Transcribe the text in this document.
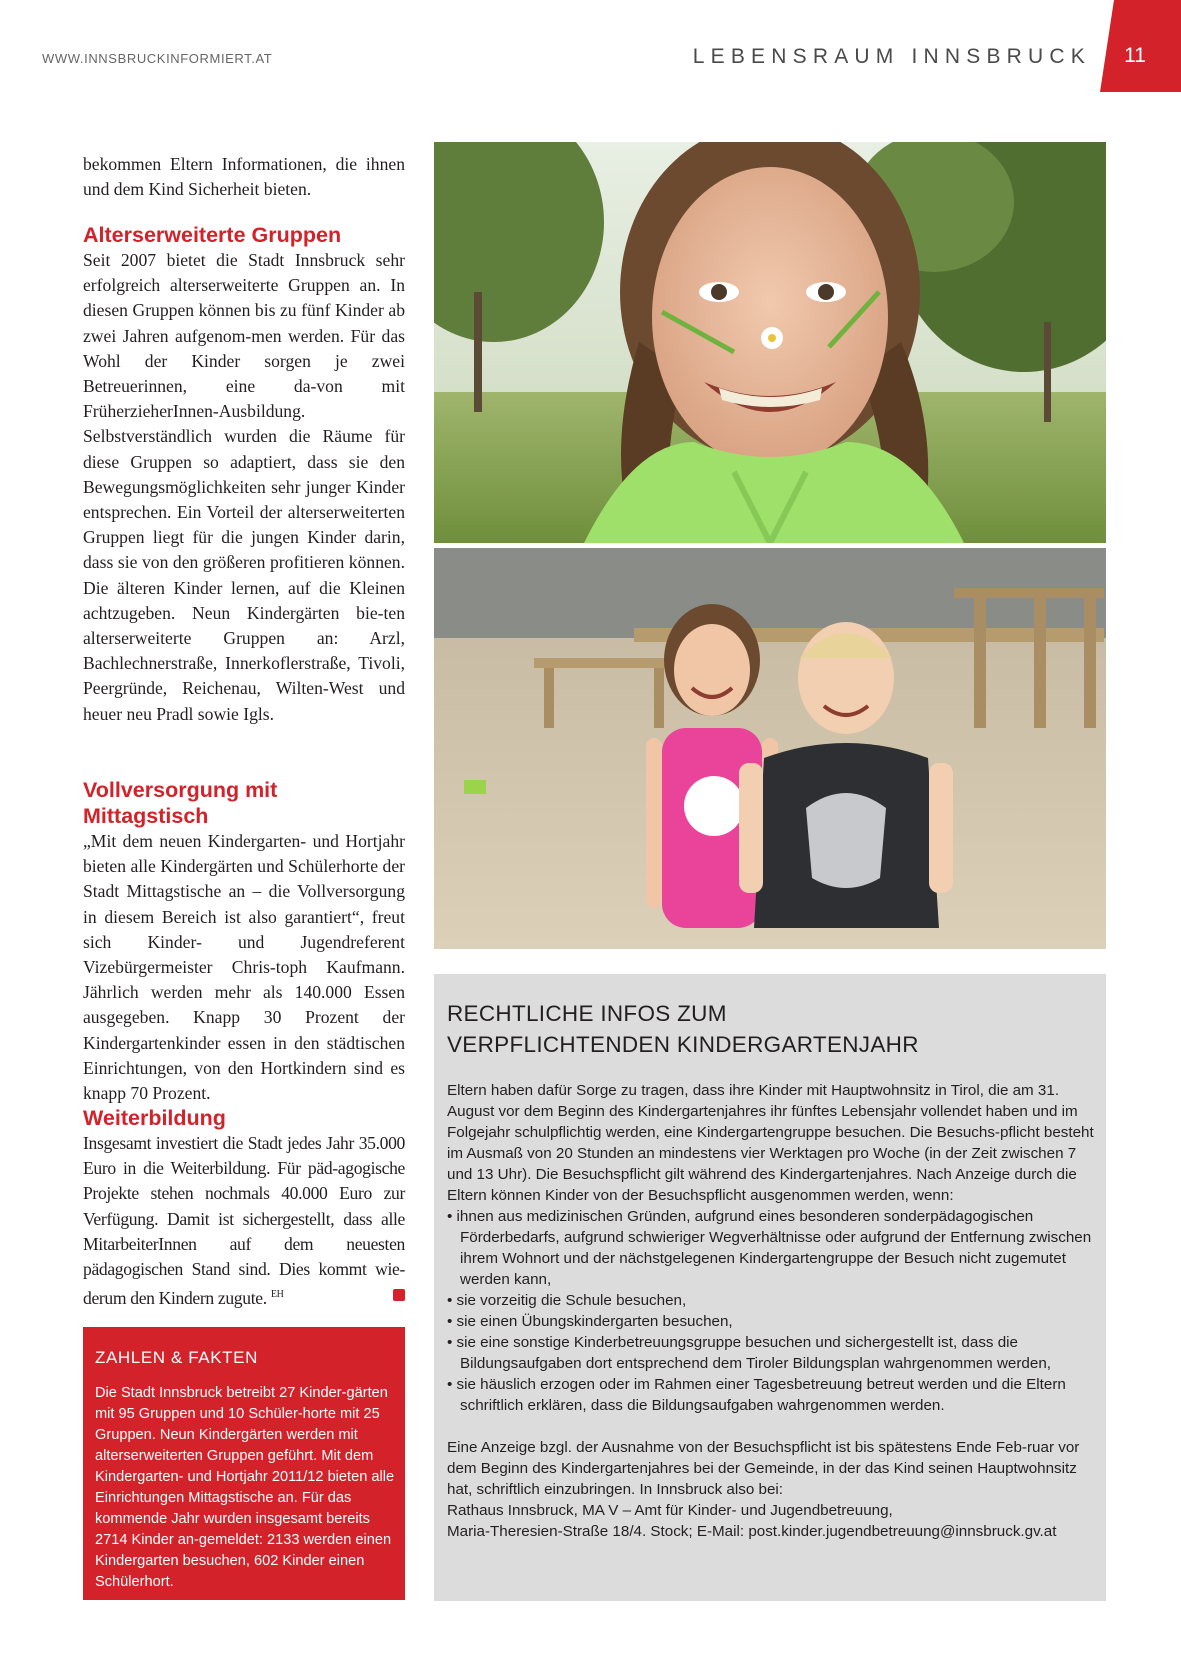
WWW.INNSBRUCKINFORMIERT.AT	LEBENSRAUM INNSBRUCK	11

bekommen Eltern Informationen, die ihnen und dem Kind Sicherheit bieten.

Alterserweiterte Gruppen

Seit 2007 bietet die Stadt Innsbruck sehr erfolgreich alterserweiterte Gruppen an. In diesen Gruppen können bis zu fünf Kinder ab zwei Jahren aufgenom-men werden. Für das Wohl der Kinder sorgen je zwei Betreuerinnen, eine da-von mit FrüherzieherInnen-Ausbildung. Selbstverständlich wurden die Räume für diese Gruppen so adaptiert, dass sie den Bewegungsmöglichkeiten sehr junger Kinder entsprechen. Ein Vorteil der alterserweiterten Gruppen liegt für die jungen Kinder darin, dass sie von den größeren profitieren können. Die älteren Kinder lernen, auf die Kleinen achtzugeben. Neun Kindergärten bie-ten alterserweiterte Gruppen an: Arzl, Bachlechnerstraße, Innerkoflerstraße, Tivoli, Peergründe, Reichenau, Wilten-West und heuer neu Pradl sowie Igls.

Vollversorgung mit Mittagstisch

„Mit dem neuen Kindergarten- und Hortjahr bieten alle Kindergärten und Schülerhorte der Stadt Mittagstische an – die Vollversorgung in diesem Bereich ist also garantiert“, freut sich Kinder- und Jugendreferent Vizebürgermeister Chris-toph Kaufmann. Jährlich werden mehr als 140.000 Essen ausgegeben. Knapp 30 Prozent der Kindergartenkinder essen in den städtischen Einrichtungen, von den Hortkindern sind es knapp 70 Prozent.

Weiterbildung

Insgesamt investiert die Stadt jedes Jahr 35.000 Euro in die Weiterbildung. Für päd-agogische Projekte stehen nochmals 40.000 Euro zur Verfügung. Damit ist sichergestellt, dass alle MitarbeiterInnen auf dem neuesten pädagogischen Stand sind. Dies kommt wie-derum den Kindern zugute. $^{EH}$

ZAHLEN & FAKTEN

Die Stadt Innsbruck betreibt 27 Kinder-gärten mit 95 Gruppen und 10 Schüler-horte mit 25 Gruppen. Neun Kindergärten werden mit alterserweiterten Gruppen geführt. Mit dem Kindergarten- und Hortjahr 2011/12 bieten alle Einrichtungen Mittagstische an. Für das kommende Jahr wurden insgesamt bereits 2714 Kinder an-gemeldet: 2133 werden einen Kindergarten besuchen, 602 Kinder einen Schülerhort.

RECHTLICHE INFOS ZUM
VERPFLICHTENDEN KINDERGARTENJAHR

Eltern haben dafür Sorge zu tragen, dass ihre Kinder mit Hauptwohnsitz in Tirol, die am 31. August vor dem Beginn des Kindergartenjahres ihr fünftes Lebensjahr vollendet haben und im Folgejahr schulpflichtig werden, eine Kindergartengruppe besuchen. Die Besuchs-pflicht besteht im Ausmaß von 20 Stunden an mindestens vier Werktagen pro Woche (in der Zeit zwischen 7 und 13 Uhr). Die Besuchspflicht gilt während des Kindergartenjahres. Nach Anzeige durch die Eltern können Kinder von der Besuchspflicht ausgenommen werden, wenn:

• ihnen aus medizinischen Gründen, aufgrund eines besonderen sonderpädagogischen Förderbedarfs, aufgrund schwieriger Wegverhältnisse oder aufgrund der Entfernung zwischen ihrem Wohnort und der nächstgelegenen Kindergartengruppe der Besuch nicht zugemutet werden kann,
• sie vorzeitig die Schule besuchen,
• sie einen Übungskindergarten besuchen,
• sie eine sonstige Kinderbetreuungsgruppe besuchen und sichergestellt ist, dass die Bildungsaufgaben dort entsprechend dem Tiroler Bildungsplan wahrgenommen werden,
• sie häuslich erzogen oder im Rahmen einer Tagesbetreuung betreut werden und die Eltern schriftlich erklären, dass die Bildungsaufgaben wahrgenommen werden.

Eine Anzeige bzgl. der Ausnahme von der Besuchspflicht ist bis spätestens Ende Feb-ruar vor dem Beginn des Kindergartenjahres bei der Gemeinde, in der das Kind seinen Hauptwohnsitz hat, schriftlich einzubringen. In Innsbruck also bei:

Rathaus Innsbruck, MA V – Amt für Kinder- und Jugendbetreuung,

Maria-Theresien-Straße 18/4. Stock; E-Mail: post.kinder.jugendbetreuung@innsbruck.gv.at
